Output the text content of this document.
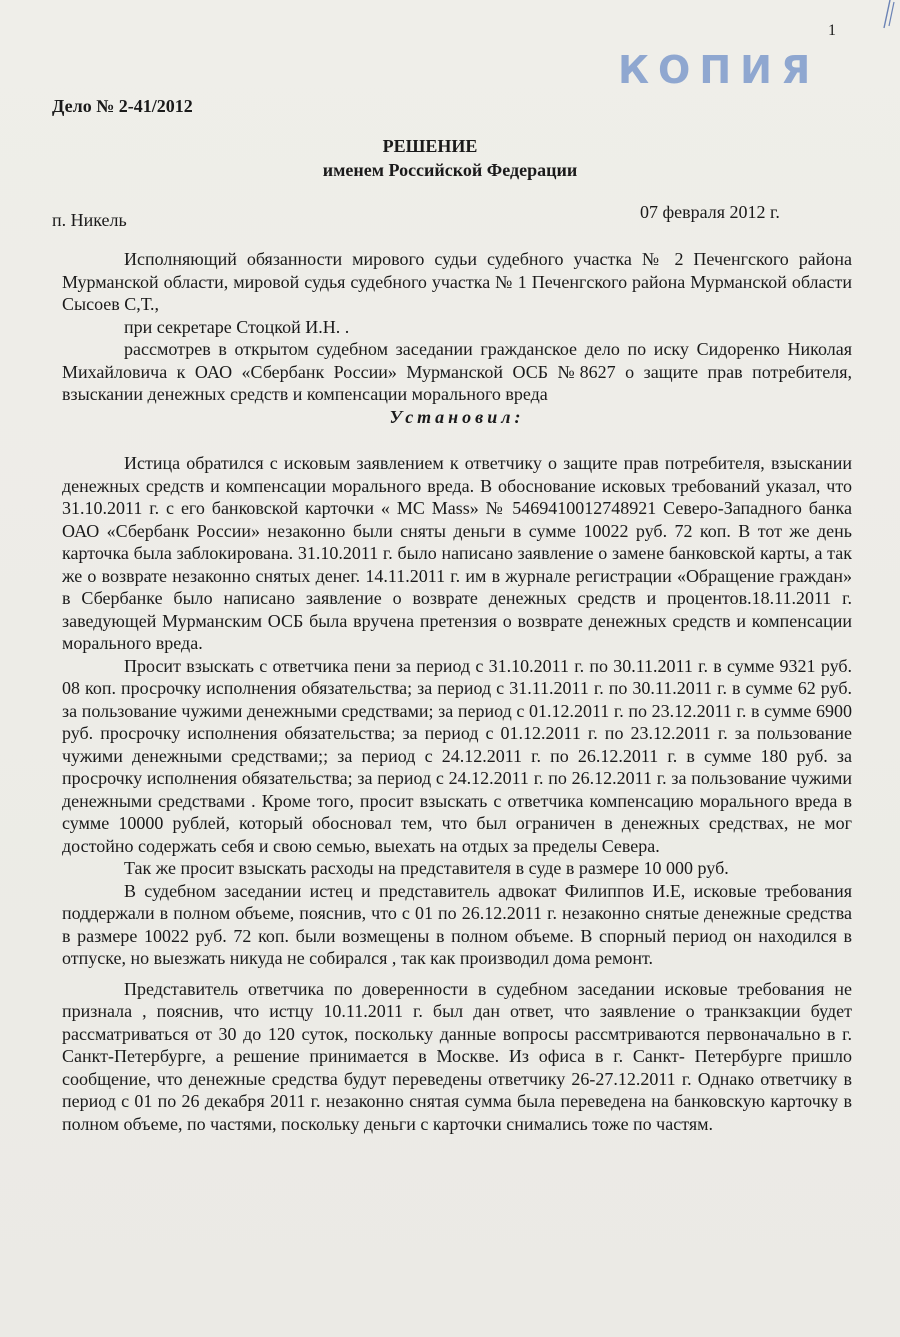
1
КОПИЯ
Дело № 2-41/2012
РЕШЕНИЕ
именем Российской Федерации
п. Никель	07 февраля 2012 г.

Исполняющий обязанности мирового судьи судебного участка № 2 Печенгского района Мурманской области, мировой судья судебного участка № 1 Печенгского района Мурманской области Сысоев С,Т.,

при секретаре Стоцкой И.Н. .

рассмотрев в открытом судебном заседании гражданское дело по иску Сидоренко Николая Михайловича к ОАО «Сбербанк России» Мурманской ОСБ №8627 о защите прав потребителя, взыскании денежных средств и компенсации морального вреда

Установил:

Истица обратился с исковым заявлением к ответчику о защите прав потребителя, взыскании денежных средств и компенсации морального вреда. В обоснование исковых требований указал, что 31.10.2011 г. с его банковской карточки « MC Mass» № 5469410012748921 Северо-Западного банка ОАО «Сбербанк России» незаконно были сняты деньги в сумме 10022 руб. 72 коп. В тот же день карточка была заблокирована. 31.10.2011 г. было написано заявление о замене банковской карты, а так же о возврате незаконно снятых денег. 14.11.2011 г. им в журнале регистрации «Обращение граждан» в Сбербанке было написано заявление о возврате денежных средств и процентов.18.11.2011 г. заведующей Мурманским ОСБ была вручена претензия о возврате денежных средств и компенсации морального вреда.

Просит взыскать с ответчика пени за период с 31.10.2011 г. по 30.11.2011 г. в сумме 9321 руб. 08 коп. просрочку исполнения обязательства; за период с 31.11.2011 г. по 30.11.2011 г. в сумме 62 руб. за пользование чужими денежными средствами; за период с 01.12.2011 г. по 23.12.2011 г. в сумме 6900 руб. просрочку исполнения обязательства; за период с 01.12.2011 г. по 23.12.2011 г. за пользование чужими денежными средствами;; за период с 24.12.2011 г. по 26.12.2011 г. в сумме 180 руб. за просрочку исполнения обязательства; за период с 24.12.2011 г. по 26.12.2011 г. за пользование чужими денежными средствами . Кроме того, просит взыскать с ответчика компенсацию морального вреда в сумме 10000 рублей, который обосновал тем, что был ограничен в денежных средствах, не мог достойно содержать себя и свою семью, выехать на отдых за пределы Севера.

Так же просит взыскать расходы на представителя в суде в размере 10 000 руб.

В судебном заседании истец и представитель адвокат Филиппов И.Е, исковые требования поддержали в полном объеме, пояснив, что с 01 по 26.12.2011 г. незаконно снятые денежные средства в размере 10022 руб. 72 коп. были возмещены в полном объеме. В спорный период он находился в отпуске, но выезжать никуда не собирался , так как производил дома ремонт.

Представитель ответчика по доверенности в судебном заседании исковые требования не признала , пояснив, что истцу 10.11.2011 г. был дан ответ, что заявление о транкзакции будет рассматриваться от 30 до 120 суток, поскольку данные вопросы рассмтриваются первоначально в г. Санкт-Петербурге, а решение принимается в Москве. Из офиса в г. Санкт- Петербурге пришло сообщение, что денежные средства будут переведены ответчику 26-27.12.2011 г. Однако ответчику в период с 01 по 26 декабря 2011 г. незаконно снятая сумма была переведена на банковскую карточку в полном объеме, по частями, поскольку деньги с карточки снимались тоже по частям.
